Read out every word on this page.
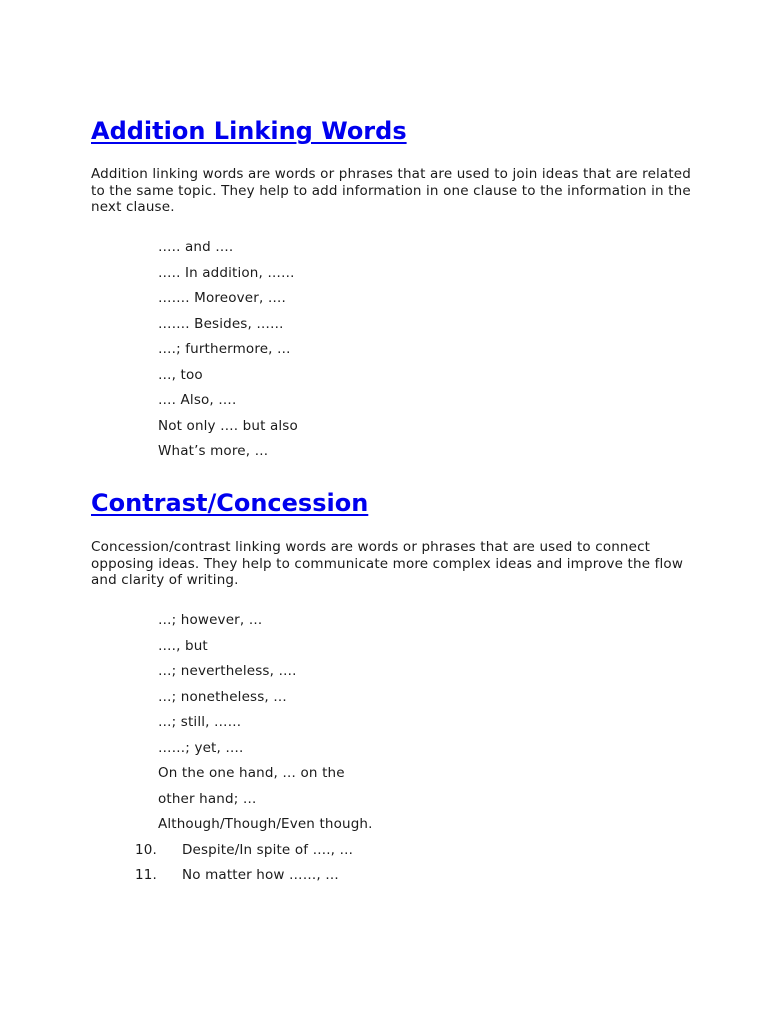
Addition Linking Words

Addition linking words are words or phrases that are used to join ideas that are related to the same topic. They help to add information in one clause to the information in the next clause.

….. and ….
….. In addition, ……
……. Moreover, ….
……. Besides, ……
….; furthermore, …
…, too
…. Also, ….
Not only …. but also
What’s more, …
Contrast/Concession

Concession/contrast linking words are words or phrases that are used to connect opposing ideas. They help to communicate more complex ideas and improve the flow and clarity of writing.

…; however, …
…., but
…; nevertheless, ….
…; nonetheless, …
…; still, ……
……; yet, ….
On the one hand, … on the
other hand; …
Although/Though/Even though.
10. Despite/In spite of …., …
11. No matter how ……, …
